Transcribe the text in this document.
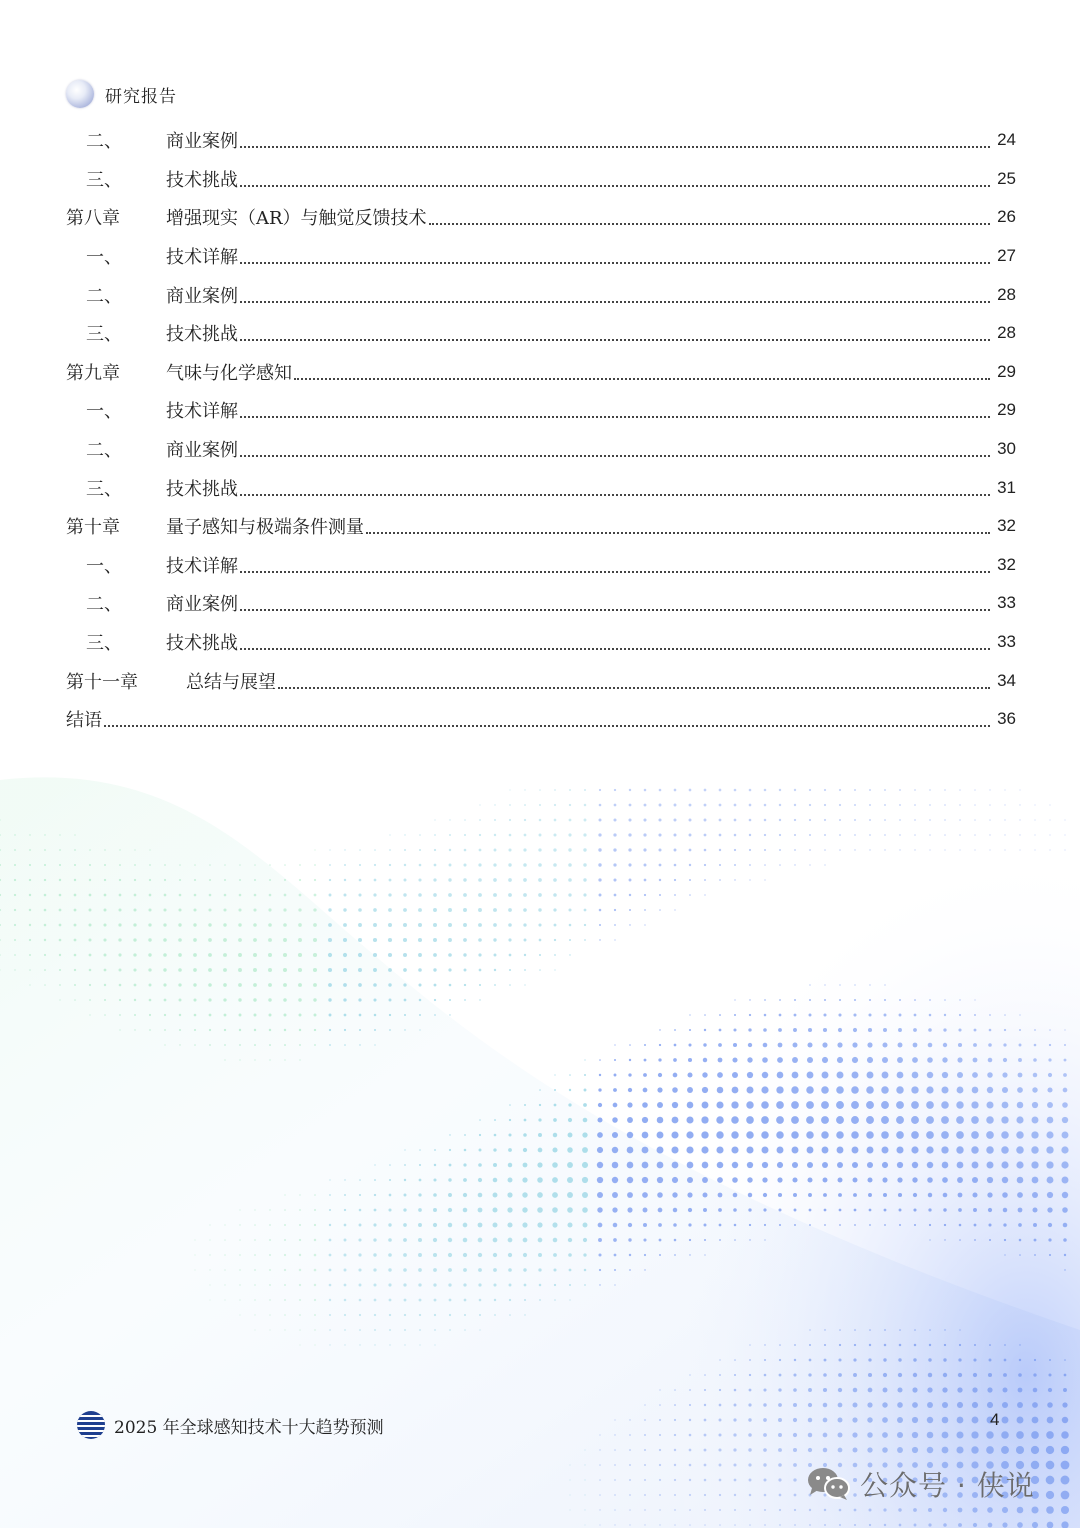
研究报告
二、	商业案例	24
三、	技术挑战	25
第八章	增强现实（AR）与触觉反馈技术	26
一、	技术详解	27
二、	商业案例	28
三、	技术挑战	28
第九章	气味与化学感知	29
一、	技术详解	29
二、	商业案例	30
三、	技术挑战	31
第十章	量子感知与极端条件测量	32
一、	技术详解	32
二、	商业案例	33
三、	技术挑战	33
第十一章	总结与展望	34
结语	36
2025 年全球感知技术十大趋势预测	4
公众号 · 侠说
